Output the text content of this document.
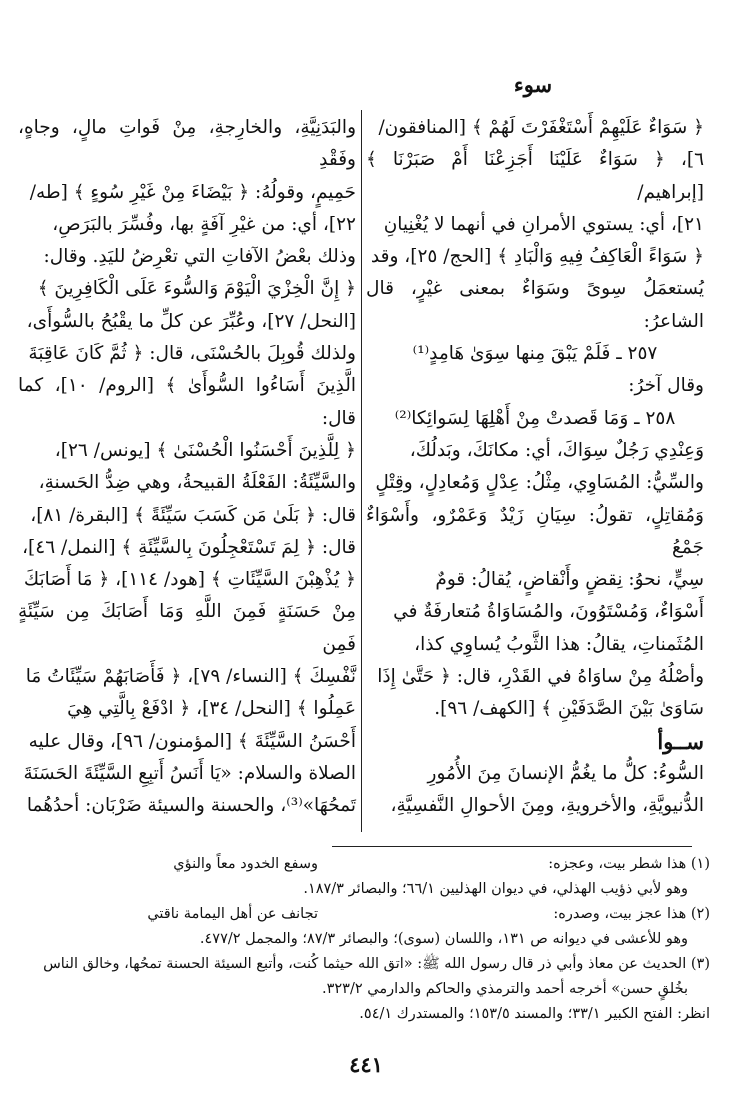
سوء

﴿ سَوَاءٌ عَلَيْهِمْ أَسْتَغْفَرْتَ لَهُمْ ﴾ [المنافقون/

٦]، ﴿ سَوَاءٌ عَلَيْنَا أَجَزِعْنَا أَمْ صَبَرْنَا ﴾ [إبراهيم/

٢١]، أي: يستوي الأمرانِ في أنهما لا يُغْنِيانِ

﴿ سَوَاءً الْعَاكِفُ فِيهِ وَالْبَادِ ﴾ [الحج/ ٢٥]، وقد

يُستعمَلُ سِوىً وسَوَاءٌ بمعنى غيْرٍ، قال الشاعرُ:

٢٥٧ ـ فَلَمْ يَبْقَ مِنها سِوَىٰ هَامِدٍ⁽¹⁾

وقال آخرُ:

٢٥٨ ـ وَمَا قَصدتْ مِنْ أَهْلِهَا لِسَوائِكا⁽²⁾

وَعِنْدِي رَجُلٌ سِوَاكَ، أي: مكانَكَ، وبَدلُكَ،

والسِّيُّ: المُسَاوِي، مِثْلُ: عِدْلٍ وَمُعادِلٍ، وقِتْلٍ

وَمُقاتِلٍ، تقولُ: سِيَانِ زَيْدٌ وَعَمْرٌو، وأَسْوَاءٌ جَمْعُ

سِيٍّ، نحوُ: نِقضٍ وأَنْقاضٍ، يُقالُ: قومٌ

أَسْوَاءٌ، وَمُسْتَوُونَ، والمُسَاوَاةُ مُتعارفَةٌ في

المُثَمناتِ، يقالُ: هذا الثَّوبُ يُساوِي كذا،

وأصْلُهُ مِنْ ساوَاهُ في القَدْرِ، قال: ﴿ حَتَّىٰ إِذَا

سَاوَىٰ بَيْنَ الصَّدَفَيْنِ ﴾ [الكهف/ ٩٦].

ســوأ

السُّوءُ: كلُّ ما يغُمُّ الإنسانَ مِنَ الأُمُورِ

الدُّنيويَّةِ، والأخرويةِ، ومِنَ الأحوالِ النَّفسِيَّةِ،

والبَدَنِيَّةِ، والخارِجةِ، مِنْ فَواتِ مالٍ، وجاهٍ، وفَقْدِ

حَمِيمٍ، وقولُهُ: ﴿ بَيْضَاءَ مِنْ غَيْرِ سُوءٍ ﴾ [طه/

٢٢]، أي: من غيْرِ آفَةٍ بها، وفُسِّرَ بالبَرَصِ،

وذلك بعْضُ الآفاتِ التي تعْرِضُ لليَدِ. وقال:

﴿ إِنَّ الْخِزْيَ الْيَوْمَ وَالسُّوءَ عَلَى الْكَافِرِينَ ﴾

[النحل/ ٢٧]، وعُبِّرَ عن كلِّ ما يقْبُحُ بالسُّوأَى،

ولذلك قُوبِلَ بالحُسْنَى، قال: ﴿ ثُمَّ كَانَ عَاقِبَةَ

الَّذِينَ أَسَاءُوا السُّوأَىٰ ﴾ [الروم/ ١٠]، كما قال:

﴿ لِلَّذِينَ أَحْسَنُوا الْحُسْنَىٰ ﴾ [يونس/ ٢٦]،

والسَّيِّئَةُ: الفَعْلَةُ القبيحةُ، وهي ضِدُّ الحَسنةِ،

قال: ﴿ بَلَىٰ مَن كَسَبَ سَيِّئَةً ﴾ [البقرة/ ٨١]،

قال: ﴿ لِمَ تَسْتَعْجِلُونَ بِالسَّيِّئَةِ ﴾ [النمل/ ٤٦]،

﴿ يُذْهِبْنَ السَّيِّئَاتِ ﴾ [هود/ ١١٤]، ﴿ مَا أَصَابَكَ

مِنْ حَسَنَةٍ فَمِنَ اللَّهِ وَمَا أَصَابَكَ مِن سَيِّئَةٍ فَمِن

نَّفْسِكَ ﴾ [النساء/ ٧٩]، ﴿ فَأَصَابَهُمْ سَيِّئَاتُ مَا

عَمِلُوا ﴾ [النحل/ ٣٤]، ﴿ ادْفَعْ بِالَّتِي هِيَ

أَحْسَنُ السَّيِّئَةَ ﴾ [المؤمنون/ ٩٦]، وقال عليه

الصلاة والسلام: «يَا أَنَسُ أَتبِعِ السَّيِّئَةَ الحَسَنَةَ

تَمحُهَا»⁽³⁾، والحسنة والسيئة ضَرْبَان: أحدُهُما

(١) هذا شطر بيت، وعجزه:
وسفع الخدود معاً والنؤي
وهو لأبي ذؤيب الهذلي، في ديوان الهذليين ٦٦/١؛ والبصائر ١٨٧/٣.
(٢) هذا عجز بيت، وصدره:
تجانف عن أهل اليمامة ناقتي
وهو للأعشى في ديوانه ص ١٣١، واللسان (سوى)؛ والبصائر ٨٧/٣؛ والمجمل ٤٧٧/٢.
(٣) الحديث عن معاذ وأبي ذر قال رسول الله ﷺ: «اتق الله حيثما كُنت، وأتبع السيئة الحسنة تمحُها، وخالق الناس
بخُلقٍ حسن» أخرجه أحمد والترمذي والحاكم والدارمي ٣٢٣/٢.
انظر: الفتح الكبير ٣٣/١؛ والمسند ١٥٣/٥؛ والمستدرك ٥٤/١.
٤٤١
